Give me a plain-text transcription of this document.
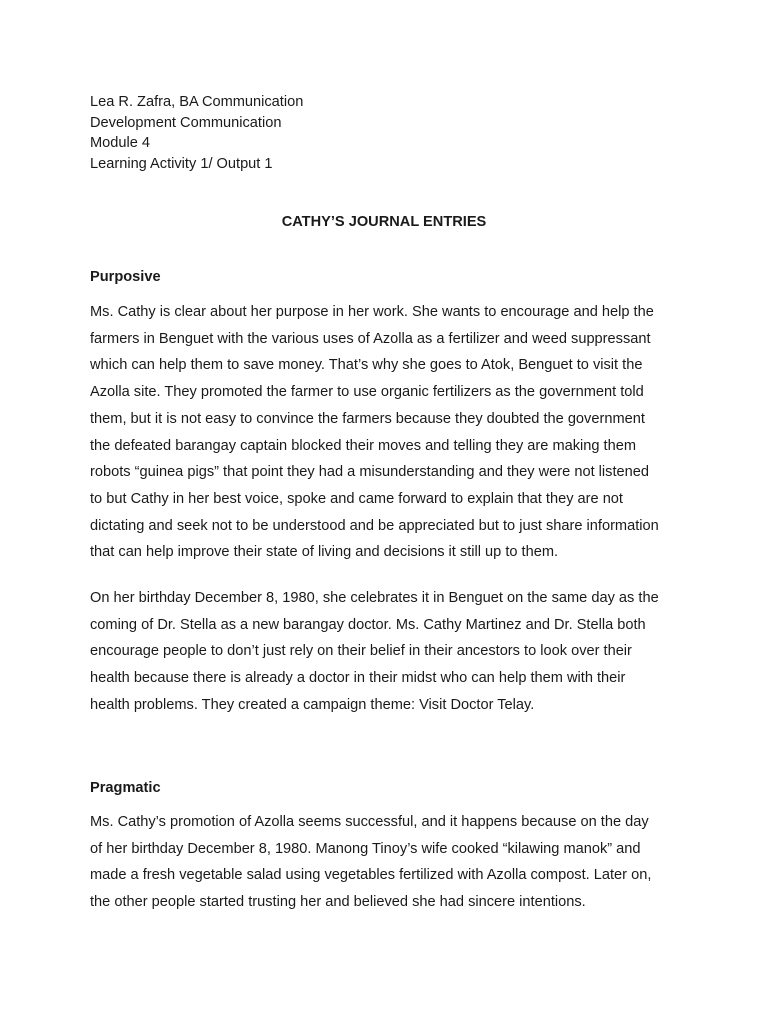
Lea R. Zafra, BA Communication
Development Communication
Module 4
Learning Activity 1/ Output 1
CATHY’S JOURNAL ENTRIES
Purposive
Ms. Cathy is clear about her purpose in her work. She wants to encourage and help the
farmers in Benguet with the various uses of Azolla as a fertilizer and weed suppressant
which can help them to save money. That’s why she goes to Atok, Benguet to visit the
Azolla site. They promoted the farmer to use organic fertilizers as the government told
them, but it is not easy to convince the farmers because they doubted the government
the defeated barangay captain blocked their moves and telling they are making them
robots “guinea pigs” that point they had a misunderstanding and they were not listened
to but Cathy in her best voice, spoke and came forward to explain that they are not
dictating and seek not to be understood and be appreciated but to just share information
that can help improve their state of living and decisions it still up to them.
On her birthday December 8, 1980, she celebrates it in Benguet on the same day as the
coming of Dr. Stella as a new barangay doctor. Ms. Cathy Martinez and Dr. Stella both
encourage people to don’t just rely on their belief in their ancestors to look over their
health because there is already a doctor in their midst who can help them with their
health problems. They created a campaign theme: Visit Doctor Telay.
Pragmatic
Ms. Cathy’s promotion of Azolla seems successful, and it happens because on the day
of her birthday December 8, 1980. Manong Tinoy’s wife cooked “kilawing manok” and
made a fresh vegetable salad using vegetables fertilized with Azolla compost. Later on,
the other people started trusting her and believed she had sincere intentions.
